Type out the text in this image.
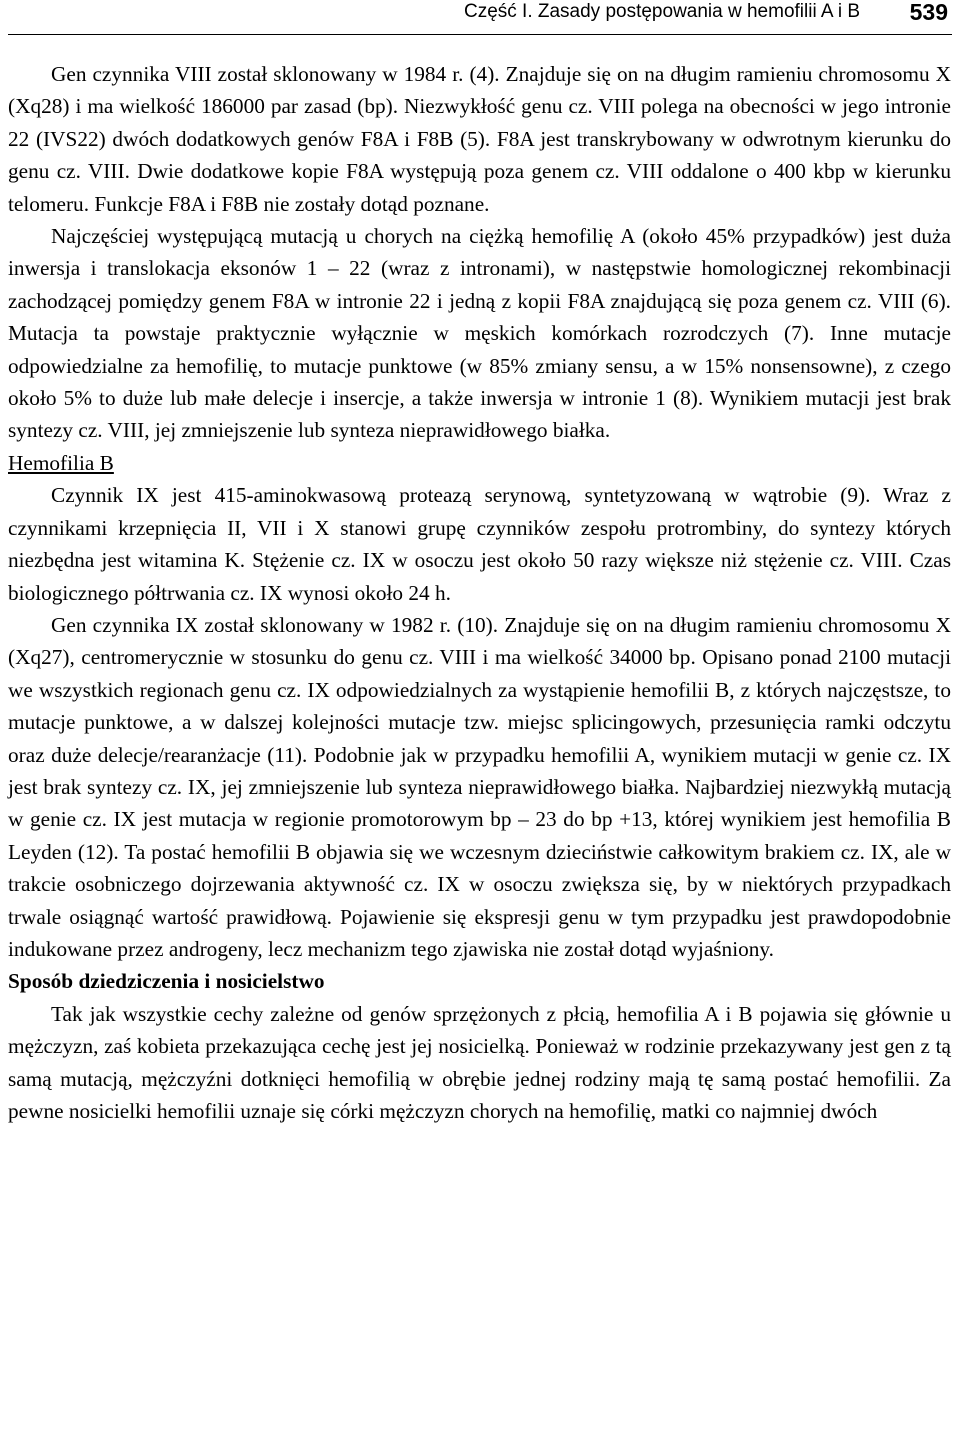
Część I. Zasady postępowania w hemofilii A i B 539

Gen czynnika VIII został sklonowany w 1984 r. (4). Znajduje się on na długim ramieniu chromosomu X (Xq28) i ma wielkość 186000 par zasad (bp). Niezwykłość genu cz. VIII polega na obecności w jego intronie 22 (IVS22) dwóch dodatkowych genów F8A i F8B (5). F8A jest transkrybowany w odwrotnym kierunku do genu cz. VIII. Dwie dodatkowe kopie F8A występują poza genem cz. VIII oddalone o 400 kbp w kierunku telomeru. Funkcje F8A i F8B nie zostały dotąd poznane.

Najczęściej występującą mutacją u chorych na ciężką hemofilię A (około 45% przypadków) jest duża inwersja i translokacja eksonów 1 – 22 (wraz z intronami), w następstwie homologicznej rekombinacji zachodzącej pomiędzy genem F8A w intronie 22 i jedną z kopii F8A znajdującą się poza genem cz. VIII (6). Mutacja ta powstaje praktycznie wyłącznie w męskich komórkach rozrodczych (7). Inne mutacje odpowiedzialne za hemofilię, to mutacje punktowe (w 85% zmiany sensu, a w 15% nonsensowne), z czego około 5% to duże lub małe delecje i insercje, a także inwersja w intronie 1 (8). Wynikiem mutacji jest brak syntezy cz. VIII, jej zmniejszenie lub synteza nieprawidłowego białka.

Hemofilia B

Czynnik IX jest 415-aminokwasową proteazą serynową, syntetyzowaną w wątrobie (9). Wraz z czynnikami krzepnięcia II, VII i X stanowi grupę czynników zespołu protrombiny, do syntezy których niezbędna jest witamina K. Stężenie cz. IX w osoczu jest około 50 razy większe niż stężenie cz. VIII. Czas biologicznego półtrwania cz. IX wynosi około 24 h.

Gen czynnika IX został sklonowany w 1982 r. (10). Znajduje się on na długim ramieniu chromosomu X (Xq27), centromerycznie w stosunku do genu cz. VIII i ma wielkość 34000 bp. Opisano ponad 2100 mutacji we wszystkich regionach genu cz. IX odpowiedzialnych za wystąpienie hemofilii B, z których najczęstsze, to mutacje punktowe, a w dalszej kolejności mutacje tzw. miejsc splicingowych, przesunięcia ramki odczytu oraz duże delecje/rearanżacje (11). Podobnie jak w przypadku hemofilii A, wynikiem mutacji w genie cz. IX jest brak syntezy cz. IX, jej zmniejszenie lub synteza nieprawidłowego białka. Najbardziej niezwykłą mutacją w genie cz. IX jest mutacja w regionie promotorowym bp – 23 do bp +13, której wynikiem jest hemofilia B Leyden (12). Ta postać hemofilii B objawia się we wczesnym dzieciństwie całkowitym brakiem cz. IX, ale w trakcie osobniczego dojrzewania aktywność cz. IX w osoczu zwiększa się, by w niektórych przypadkach trwale osiągnąć wartość prawidłową. Pojawienie się ekspresji genu w tym przypadku jest prawdopodobnie indukowane przez androgeny, lecz mechanizm tego zjawiska nie został dotąd wyjaśniony.

Sposób dziedziczenia i nosicielstwo

Tak jak wszystkie cechy zależne od genów sprzężonych z płcią, hemofilia A i B pojawia się głównie u mężczyzn, zaś kobieta przekazująca cechę jest jej nosicielką. Ponieważ w rodzinie przekazywany jest gen z tą samą mutacją, mężczyźni dotknięci hemofilią w obrębie jednej rodziny mają tę samą postać hemofilii. Za pewne nosicielki hemofilii uznaje się córki mężczyzn chorych na hemofilię, matki co najmniej dwóch
